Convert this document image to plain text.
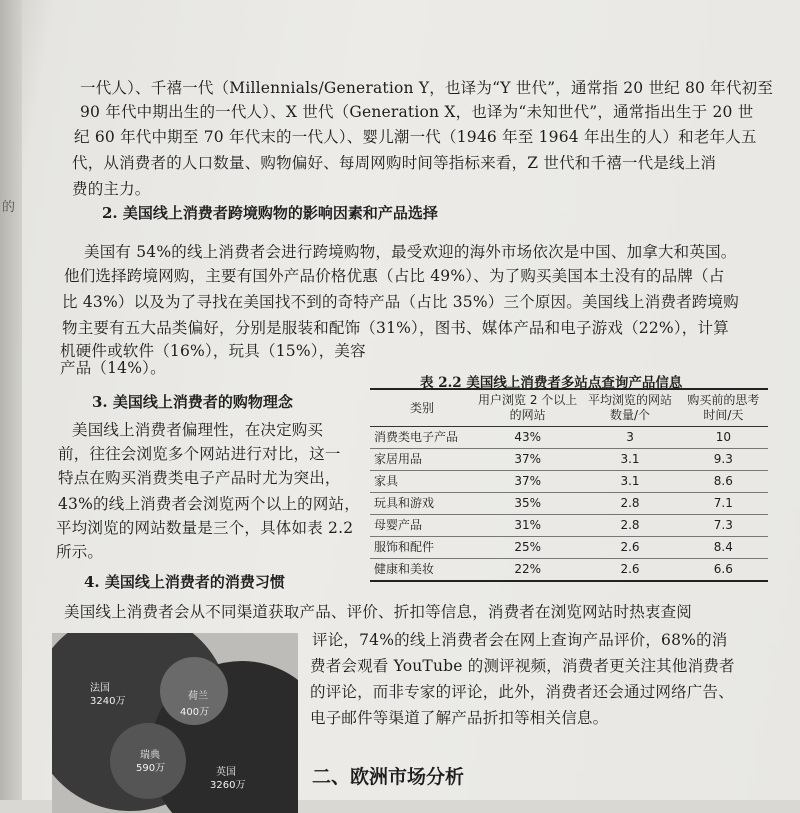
的
一代人）、千禧一代（Millennials/Generation Y，也译为“Y 世代”，通常指 20 世纪 80 年代初至
90 年代中期出生的一代人）、X 世代（Generation X，也译为“未知世代”，通常指出生于 20 世
纪 60 年代中期至 70 年代末的一代人）、婴儿潮一代（1946 年至 1964 年出生的人）和老年人五
代，从消费者的人口数量、购物偏好、每周网购时间等指标来看，Z 世代和千禧一代是线上消
费的主力。
2. 美国线上消费者跨境购物的影响因素和产品选择
美国有 54%的线上消费者会进行跨境购物，最受欢迎的海外市场依次是中国、加拿大和英国。
他们选择跨境网购，主要有国外产品价格优惠（占比 49%）、为了购买美国本土没有的品牌（占
比 43%）以及为了寻找在美国找不到的奇特产品（占比 35%）三个原因。美国线上消费者跨境购
物主要有五大品类偏好，分别是服装和配饰（31%），图书、媒体产品和电子游戏（22%），计算
机硬件或软件（16%），玩具（15%），美容
产品（14%）。
3. 美国线上消费者的购物理念
美国线上消费者偏理性，在决定购买
前，往往会浏览多个网站进行对比，这一
特点在购买消费类电子产品时尤为突出，
43%的线上消费者会浏览两个以上的网站，
平均浏览的网站数量是三个，具体如表 2.2
所示。
表 2.2 美国线上消费者多站点查询产品信息
类别	用户浏览 2 个以上的网站	平均浏览的网站数量/个	购买前的思考时间/天
消费类电子产品	43%	3	10
家居用品	37%	3.1	9.3
家具	37%	3.1	8.6
玩具和游戏	35%	2.8	7.1
母婴产品	31%	2.8	7.3
服饰和配件	25%	2.6	8.4
健康和美妆	22%	2.6	6.6
4. 美国线上消费者的消费习惯
美国线上消费者会从不同渠道获取产品、评价、折扣等信息，消费者在浏览网站时热衷查阅
评论，74%的线上消费者会在网上查询产品评价，68%的消
费者会观看 YouTube 的测评视频，消费者更关注其他消费者
的评论，而非专家的评论，此外，消费者还会通过网络广告、
电子邮件等渠道了解产品折扣等相关信息。
法国
3240万	荷兰
400万
瑞典
590万	英国
3260万	二、欧洲市场分析
